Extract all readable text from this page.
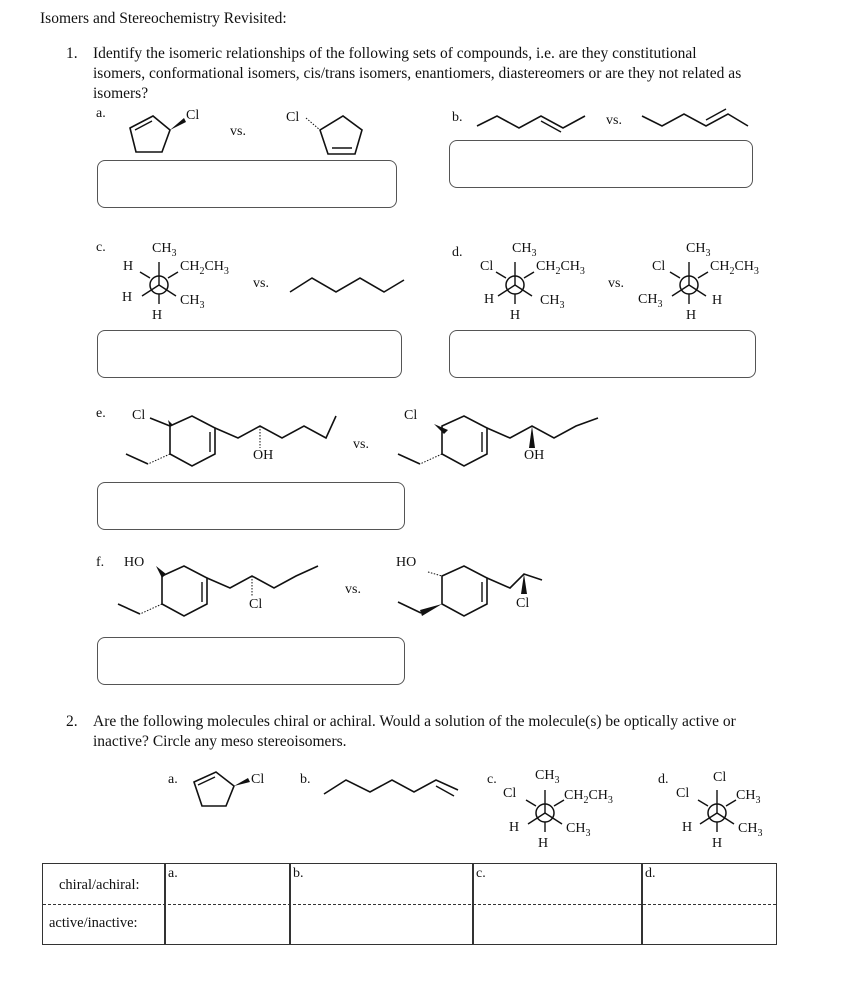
Isomers and Stereochemistry Revisited:
1. Identify the isomeric relationships of the following sets of compounds, i.e. are they constitutional
isomers, conformational isomers, cis/trans isomers, enantiomers, diastereomers or are they not related as
isomers?
a.	b.
c.	d.
e.
f.
vs.
vs.
vs.	vs.
vs.
vs.
Cl	Cl
$CH_3$
H	$CH_2CH_3$
H	$CH_3$
H
$CH_3$
Cl	$CH_2CH_3$
H	$CH_3$
H
$CH_3$
Cl	$CH_2CH_3$
$CH_3$	H
H
Cl
OH
Cl
OH
HO
Cl
HO
Cl
2. Are the following molecules chiral or achiral. Would a solution of the molecule(s) be optically active or
inactive? Circle any meso stereoisomers.
a.	b.	c.	d.
Cl	$CH_3$
Cl	$CH_2CH_3$
H	$CH_3$
H
Cl
Cl	$CH_3$
H	$CH_3$
H
chiral/achiral:
active/inactive:
a.	b.	c.	d.
